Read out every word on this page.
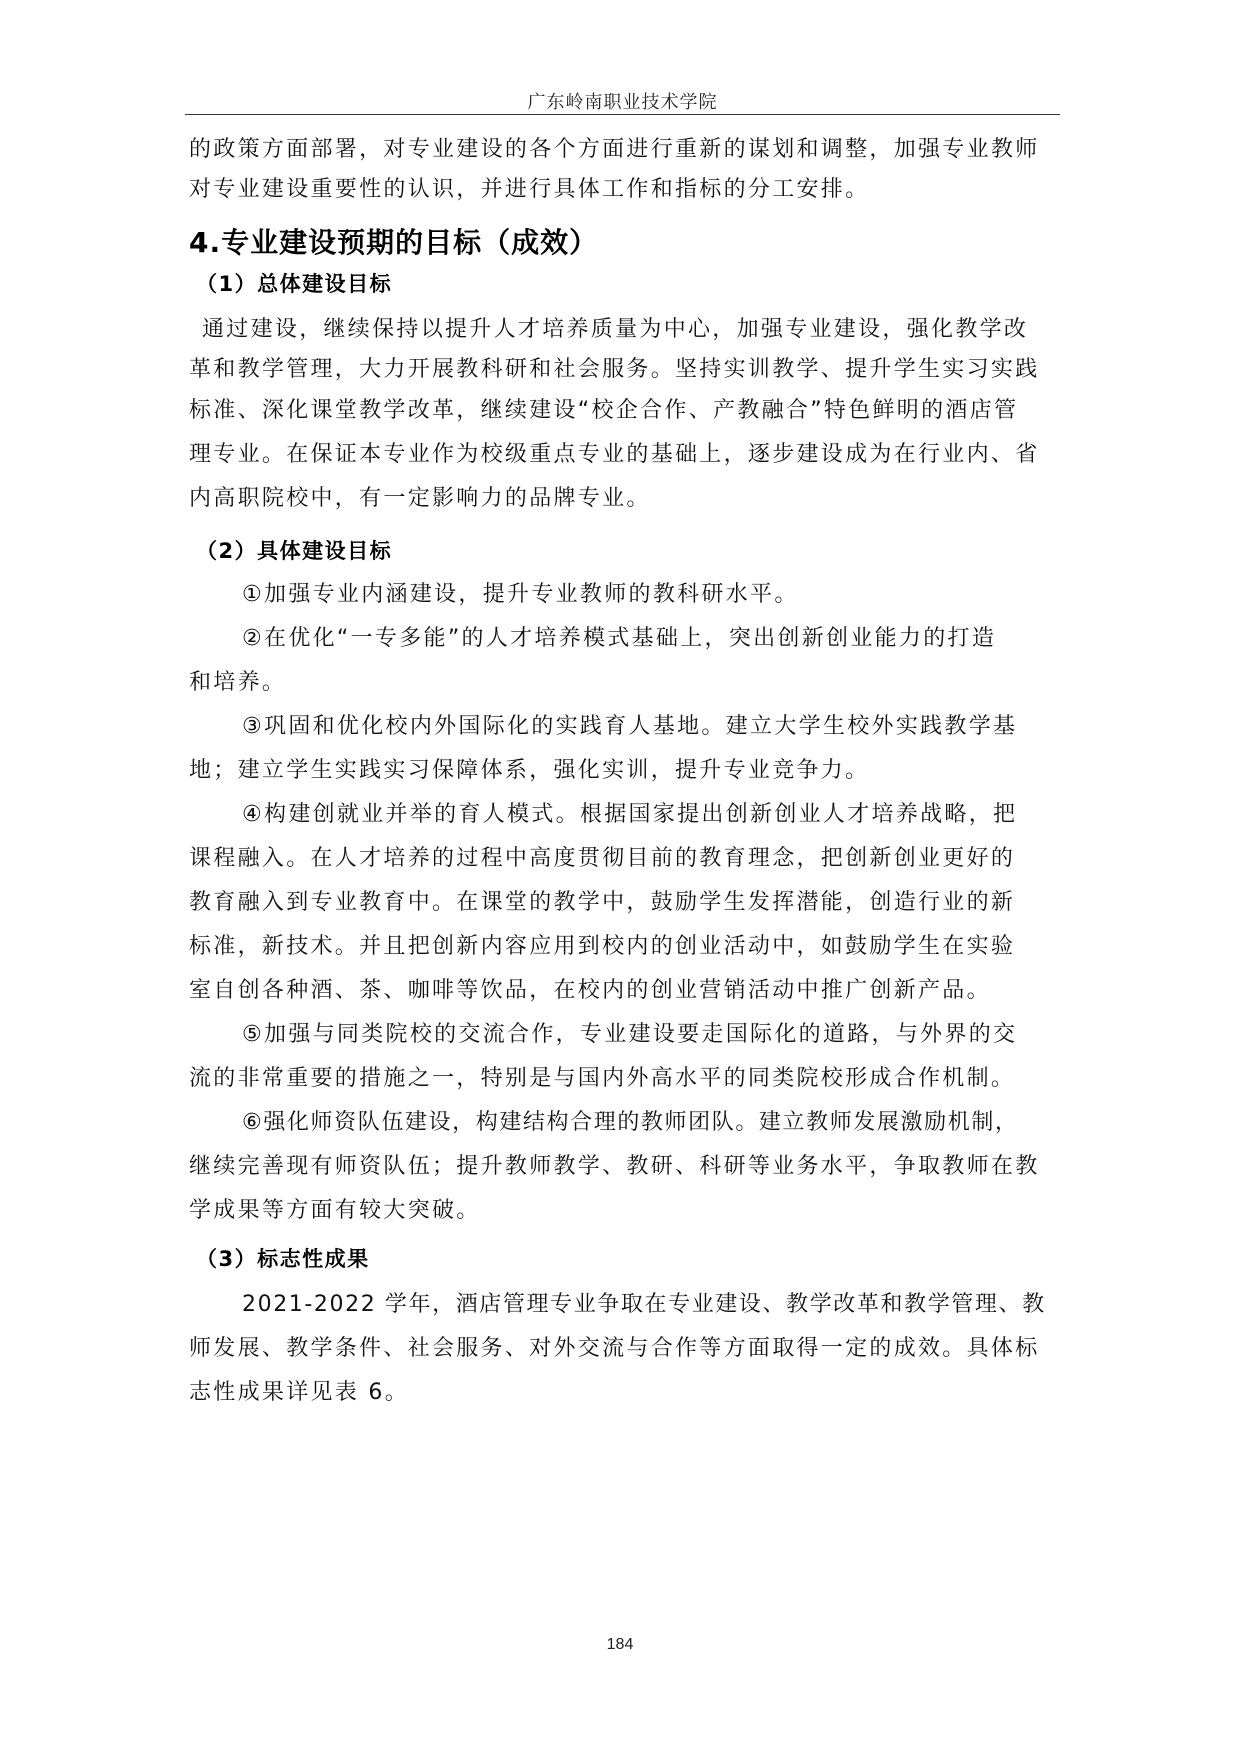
广东岭南职业技术学院
的政策方面部署，对专业建设的各个方面进行重新的谋划和调整，加强专业教师
对专业建设重要性的认识，并进行具体工作和指标的分工安排。
4.专业建设预期的目标（成效）
（1）总体建设目标
通过建设，继续保持以提升人才培养质量为中心，加强专业建设，强化教学改
革和教学管理，大力开展教科研和社会服务。坚持实训教学、提升学生实习实践
标准、深化课堂教学改革，继续建设“校企合作、产教融合”特色鲜明的酒店管
理专业。在保证本专业作为校级重点专业的基础上，逐步建设成为在行业内、省
内高职院校中，有一定影响力的品牌专业。
（2）具体建设目标
①加强专业内涵建设，提升专业教师的教科研水平。
②在优化“一专多能”的人才培养模式基础上，突出创新创业能力的打造
和培养。
③巩固和优化校内外国际化的实践育人基地。建立大学生校外实践教学基
地；建立学生实践实习保障体系，强化实训，提升专业竞争力。
④构建创就业并举的育人模式。根据国家提出创新创业人才培养战略，把
课程融入。在人才培养的过程中高度贯彻目前的教育理念，把创新创业更好的
教育融入到专业教育中。在课堂的教学中，鼓励学生发挥潜能，创造行业的新
标准，新技术。并且把创新内容应用到校内的创业活动中，如鼓励学生在实验
室自创各种酒、茶、咖啡等饮品，在校内的创业营销活动中推广创新产品。
⑤加强与同类院校的交流合作，专业建设要走国际化的道路，与外界的交
流的非常重要的措施之一，特别是与国内外高水平的同类院校形成合作机制。
⑥强化师资队伍建设，构建结构合理的教师团队。建立教师发展激励机制，
继续完善现有师资队伍；提升教师教学、教研、科研等业务水平，争取教师在教
学成果等方面有较大突破。
（3）标志性成果
2021-2022 学年，酒店管理专业争取在专业建设、教学改革和教学管理、教
师发展、教学条件、社会服务、对外交流与合作等方面取得一定的成效。具体标
志性成果详见表 6。
184
